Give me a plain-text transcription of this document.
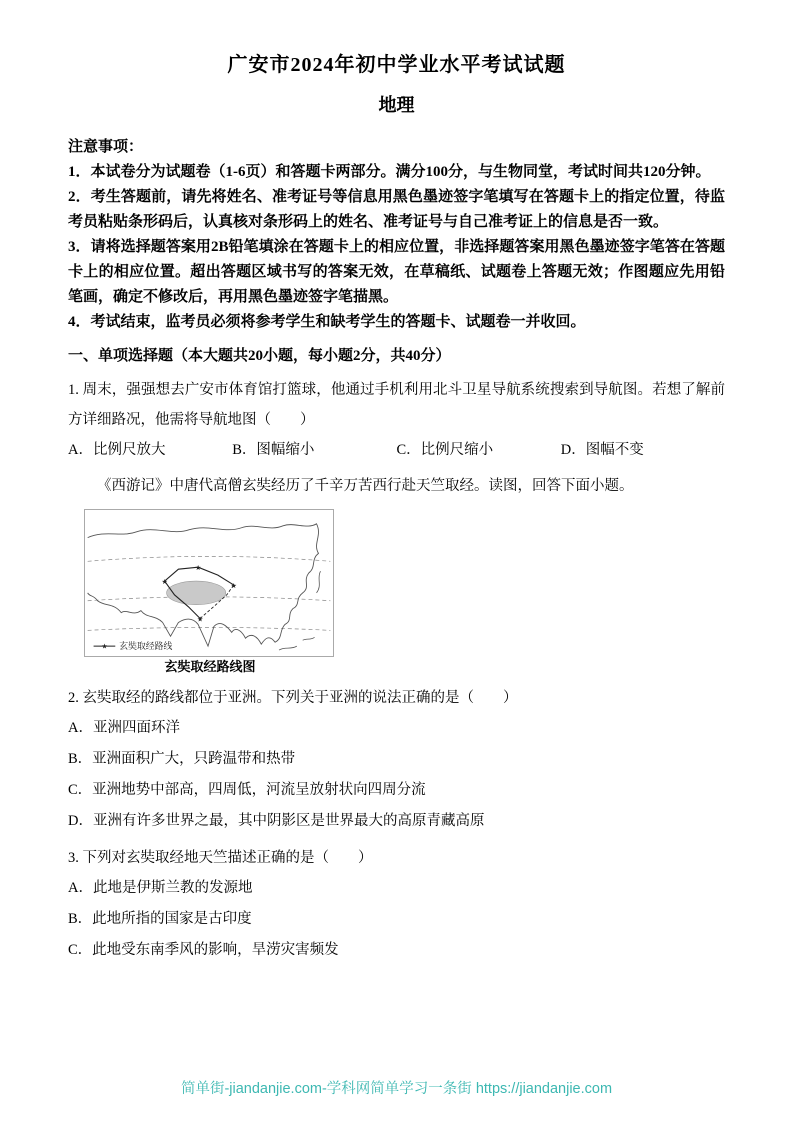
广安市2024年初中学业水平考试试题
地理

注意事项：

1．本试卷分为试题卷（1-6页）和答题卡两部分。满分100分，与生物同堂，考试时间共120分钟。

2．考生答题前，请先将姓名、准考证号等信息用黑色墨迹签字笔填写在答题卡上的指定位置，待监考员粘贴条形码后，认真核对条形码上的姓名、准考证号与自己准考证上的信息是否一致。

3．请将选择题答案用2B铅笔填涂在答题卡上的相应位置，非选择题答案用黑色墨迹签字笔答在答题卡上的相应位置。超出答题区域书写的答案无效，在草稿纸、试题卷上答题无效；作图题应先用铅笔画，确定不修改后，再用黑色墨迹签字笔描黑。

4．考试结束，监考员必须将参考学生和缺考学生的答题卡、试题卷一并收回。

一、单项选择题（本大题共20小题，每小题2分，共40分）

1. 周末，强强想去广安市体育馆打篮球，他通过手机利用北斗卫星导航系统搜索到导航图。若想了解前方详细路况，他需将导航地图（　　）

A．比例尺放大	B．图幅缩小	C．比例尺缩小	D．图幅不变

《西游记》中唐代高僧玄奘经历了千辛万苦西行赴天竺取经。读图，回答下面小题。

★
★
★
★
★ 玄奘取经路线

玄奘取经路线图

2. 玄奘取经的路线都位于亚洲。下列关于亚洲的说法正确的是（　　）

A．亚洲四面环洋

B．亚洲面积广大，只跨温带和热带

C．亚洲地势中部高，四周低，河流呈放射状向四周分流

D．亚洲有许多世界之最，其中阴影区是世界最大的高原青藏高原

3. 下列对玄奘取经地天竺描述正确的是（　　）

A．此地是伊斯兰教的发源地

B．此地所指的国家是古印度

C．此地受东南季风的影响，旱涝灾害频发

简单街-jiandanjie.com-学科网简单学习一条街 https://jiandanjie.com
